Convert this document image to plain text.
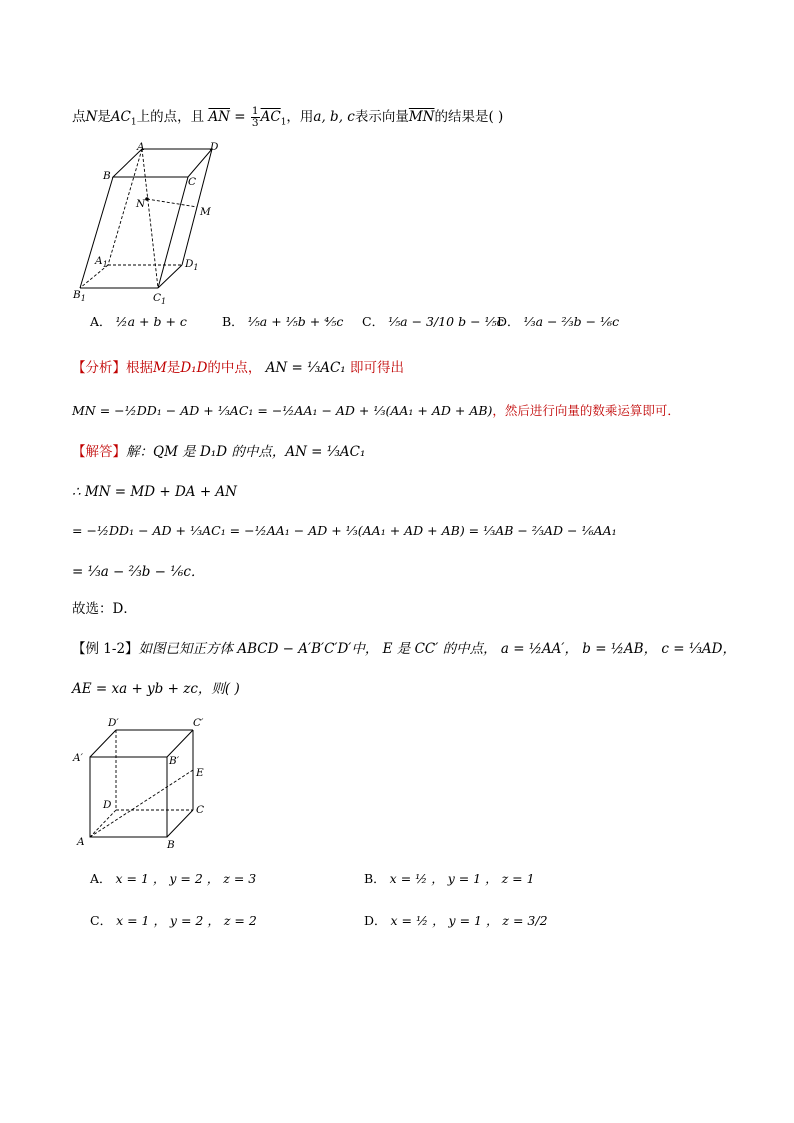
点N是$AC_1$上的点，且 $\overline{AN} = \frac{1}{3} \overline{AC}_1$，用a, b, c表示向量$\overline{MN}$的结果是( )
A	D
B	C
N
M
$A_1$	$D_1$
$B_1$	$C_1$
A． ½a + b + c	B． ⅕a + ⅕b + ⅘c C． ⅕a − 3/10 b − ⅕c
D． ⅓a − ⅔b − ⅙c
【分析】根据M是D₁D的中点， AN = ⅓AC₁ 即可得出
MN = −½DD₁ − AD + ⅓AC₁ = −½AA₁ − AD + ⅓(AA₁ + AD + AB)，然后进行向量的数乘运算即可．
【解答】解：QM 是 D₁D 的中点，AN = ⅓AC₁
∴ MN = MD + DA + AN
= −½DD₁ − AD + ⅓AC₁ = −½AA₁ − AD + ⅓(AA₁ + AD + AB) = ⅓AB − ⅔AD − ⅙AA₁
= ⅓a − ⅔b − ⅙c．
故选：D．
【例 1-2】如图已知正方体 ABCD − A′B′C′D′中， E 是 CC′ 的中点， a = ½AA′， b = ½AB， c = ⅓AD，
AE = xa + yb + zc，则( )
D′	C′
A′	B′
E
D	C
A	B
A． x = 1 ， y = 2 ， z = 3	B． x = ½ ， y = 1 ， z = 1
C． x = 1 ， y = 2 ， z = 2	D． x = ½ ， y = 1 ， z = 3/2
